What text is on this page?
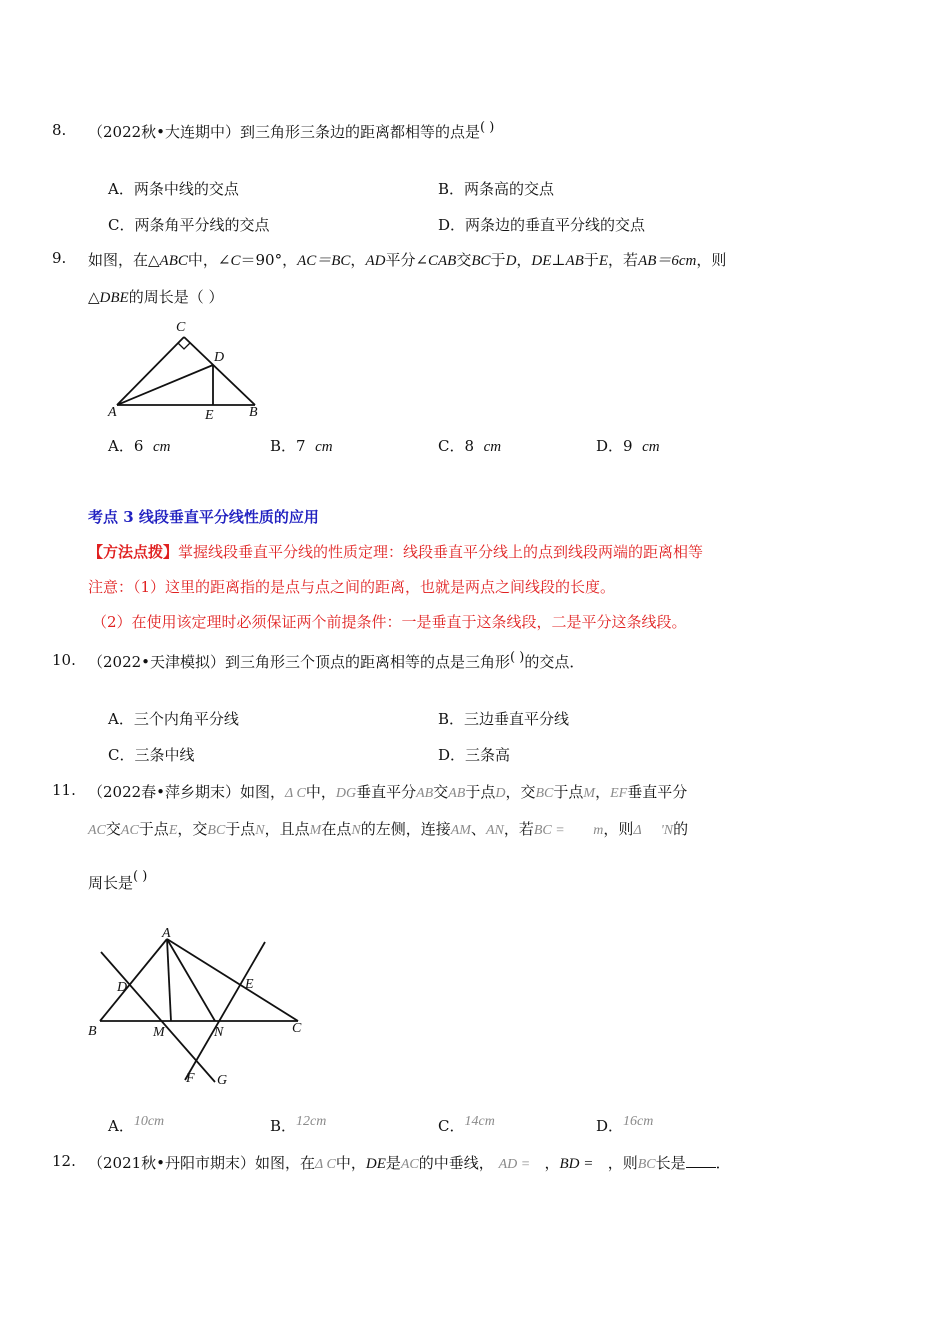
8. （2022秋•大连期中）到三角形三条边的距离都相等的点是( )
A．两条中线的交点	B．两条高的交点
C．两条角平分线的交点	D．两条边的垂直平分线的交点
9. 如图，在△ABC中，∠C＝90°，AC＝BC，AD平分∠CAB交BC于D，DE⊥AB于E，若AB＝6cm，则
△DBE的周长是（ ）
C
D
A	E	B
A．6 cm	B．7 cm	C．8 cm	D．9 cm
考点 3 线段垂直平分线性质的应用
【方法点拨】掌握线段垂直平分线的性质定理：线段垂直平分线上的点到线段两端的距离相等
注意：（1）这里的距离指的是点与点之间的距离，也就是两点之间线段的长度。
（2）在使用该定理时必须保证两个前提条件：一是垂直于这条线段，二是平分这条线段。
10. （2022•天津模拟）到三角形三个顶点的距离相等的点是三角形( )的交点．
A．三个内角平分线	B．三边垂直平分线
C．三条中线	D．三条高
11. （2022春•萍乡期末）如图，Δ C中，DG垂直平分AB交AB于点D，交BC于点M，EF垂直平分
AC交AC于点E，交BC于点N，且点M在点N的左侧，连接AM、AN，若BC = m，则Δ 'N的
周长是( )
A
D	E
B	M	N	C
F G
A．10cm	B．12cm	C．14cm	D．16cm
12. （2021秋•丹阳市期末）如图，在Δ C中，DE是AC的中垂线， AD = ，BD = ，则BC长是 ．
